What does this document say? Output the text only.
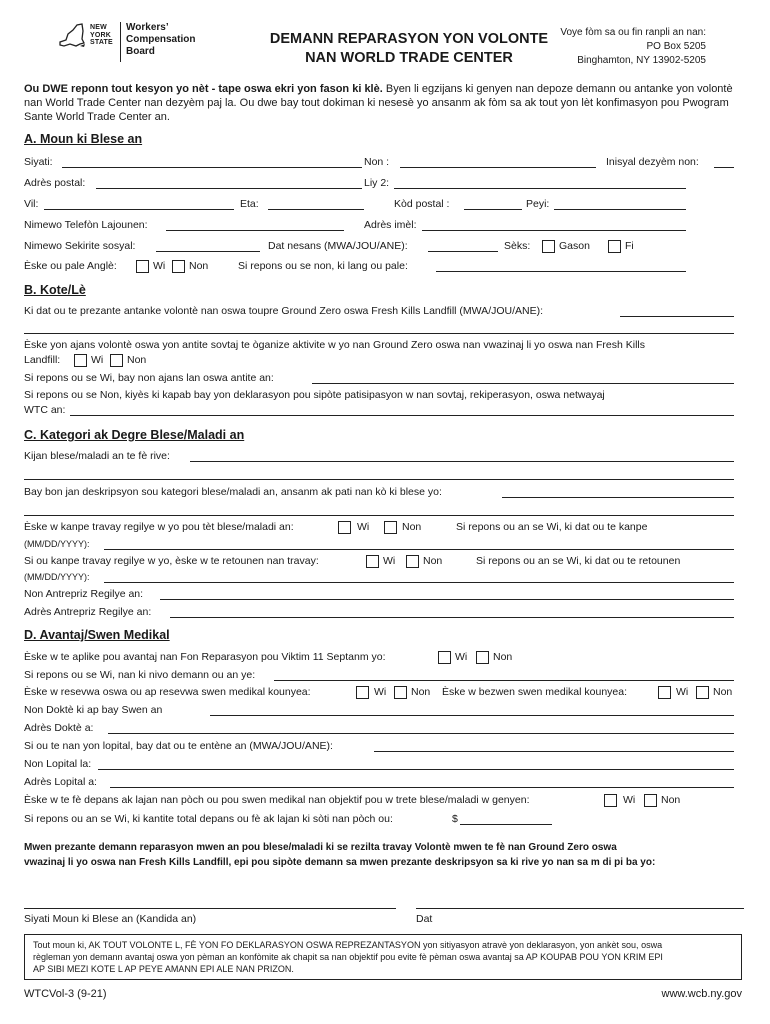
NEW
YORK
STATE
Workers’
Compensation
Board
DEMANN REPARASYON YON VOLONTE
NAN WORLD TRADE CENTER
Voye fòm sa ou fin ranpli an nan:
PO Box 5205
Binghamton, NY 13902-5205
Ou DWE reponn tout kesyon yo nèt - tape oswa ekri yon fason ki klè. Byen li egzijans ki genyen nan depoze demann ou antanke yon volontè nan World Trade Center nan dezyèm paj la. Ou dwe bay tout dokiman ki nesesè yo ansanm ak fòm sa ak tout yon lèt konfimasyon pou Pwogram Sante World Trade Center an.
A. Moun ki Blese an
Siyati:	Non :	Inisyal dezyèm non:
Adrès postal:	Liy 2:
Vil:	Eta:	Kòd postal :	Peyi:
Nimewo Telefòn Lajounen:	Adrès imèl:
Nimewo Sekirite sosyal:	Dat nesans (MWA/JOU/ANE):	Sèks:	Gason	Fi
Èske ou pale Anglè:	Wi Non	Si repons ou se non, ki lang ou pale:
B. Kote/Lè
Ki dat ou te prezante antanke volontè nan oswa toupre Ground Zero oswa Fresh Kills Landfill (MWA/JOU/ANE):
Èske yon ajans volontè oswa yon antite sovtaj te òganize aktivite w yo nan Ground Zero oswa nan vwazinaj li yo oswa nan Fresh Kills
Landfill:	Wi Non
Si repons ou se Wi, bay non ajans lan oswa antite an:
Si repons ou se Non, kiyès ki kapab bay yon deklarasyon pou sipòte patisipasyon w nan sovtaj, rekiperasyon, oswa netwayaj
WTC an:
C. Kategori ak Degre Blese/Maladi an
Kijan blese/maladi an te fè rive:
Bay bon jan deskripsyon sou kategori blese/maladi an, ansanm ak pati nan kò ki blese yo:
Èske w kanpe travay regilye w yo pou tèt blese/maladi an:	Wi	Non	Si repons ou an se Wi, ki dat ou te kanpe
(MM/DD/YYYY):
Si ou kanpe travay regilye w yo, èske w te retounen nan travay:	Wi	Non	Si repons ou an se Wi, ki dat ou te retounen
(MM/DD/YYYY):
Non Antrepriz Regilye an:
Adrès Antrepriz Regilye an:
D. Avantaj/Swen Medikal
Èske w te aplike pou avantaj nan Fon Reparasyon pou Viktim 11 Septanm yo:	Wi Non
Si repons ou se Wi, nan ki nivo demann ou an ye:
Èske w resevwa oswa ou ap resevwa swen medikal kounyea:	Wi Non Èske w bezwen swen medikal kounyea:	Wi Non
Non Doktè ki ap bay Swen an
Adrès Doktè a:
Si ou te nan yon lopital, bay dat ou te entène an (MWA/JOU/ANE):
Non Lopital la:
Adrès Lopital a:
Èske w te fè depans ak lajan nan pòch ou pou swen medikal nan objektif pou w trete blese/maladi w genyen:	Wi Non
Si repons ou an se Wi, ki kantite total depans ou fè ak lajan ki sòti nan pòch ou:	$
Mwen prezante demann reparasyon mwen an pou blese/maladi ki se rezilta travay Volontè mwen te fè nan Ground Zero oswa
vwazinaj li yo oswa nan Fresh Kills Landfill, epi pou sipòte demann sa mwen prezante deskripsyon sa ki rive yo nan sa m di pi ba yo:
Siyati Moun ki Blese an (Kandida an)	Dat
Tout moun ki, AK TOUT VOLONTE L, FÈ YON FO DEKLARASYON OSWA REPREZANTASYON yon sitiyasyon atravè yon deklarasyon, yon ankèt sou, oswa
règleman yon demann avantaj oswa yon pèman an konfòmite ak chapit sa nan objektif pou evite fè pèman oswa avantaj sa AP KOUPAB POU YON KRIM EPI
AP SIBI MEZI KOTE L AP PEYE AMANN EPI ALE NAN PRIZON.
WTCVol-3 (9-21)	www.wcb.ny.gov
